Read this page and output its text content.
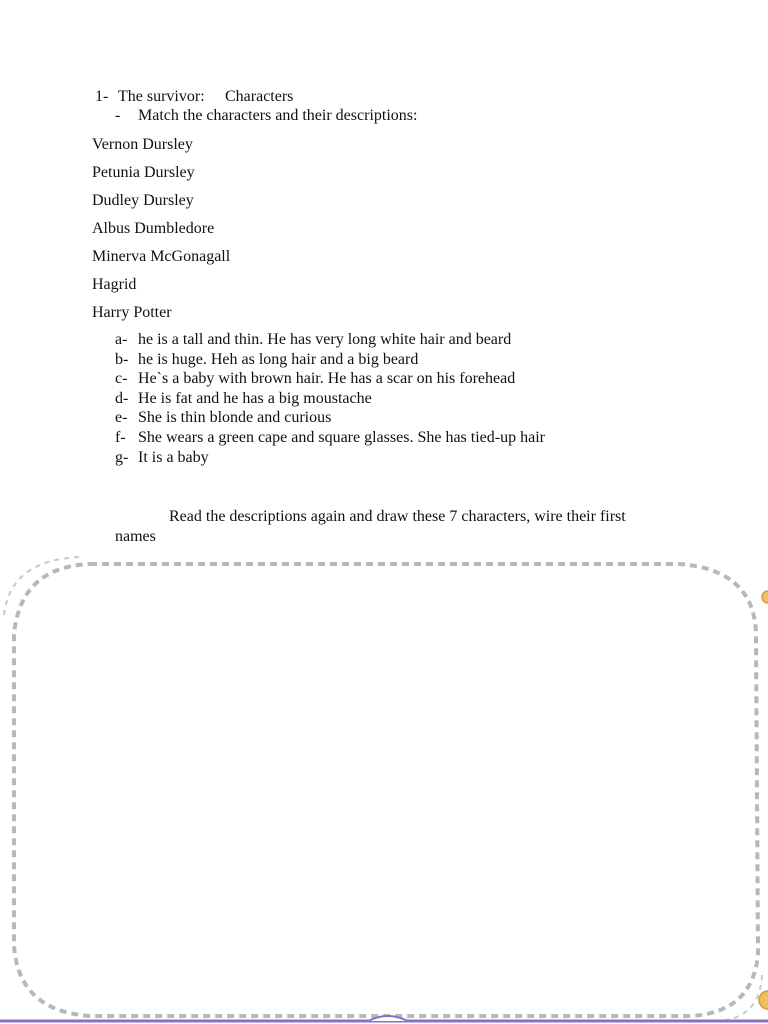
1- The survivor: Characters
- Match the characters and their descriptions:
Vernon Dursley
Petunia Dursley
Dudley Dursley
Albus Dumbledore
Minerva McGonagall
Hagrid
Harry Potter
a- he is a tall and thin. He has very long white hair and beard
b- he is huge. Heh as long hair and a big beard
c- He`s a baby with brown hair. He has a scar on his forehead
d- He is fat and he has a big moustache
e- She is thin blonde and curious
f- She wears a green cape and square glasses. She has tied-up hair
g- It is a baby
Read the descriptions again and draw these 7 characters, wire their first
names
